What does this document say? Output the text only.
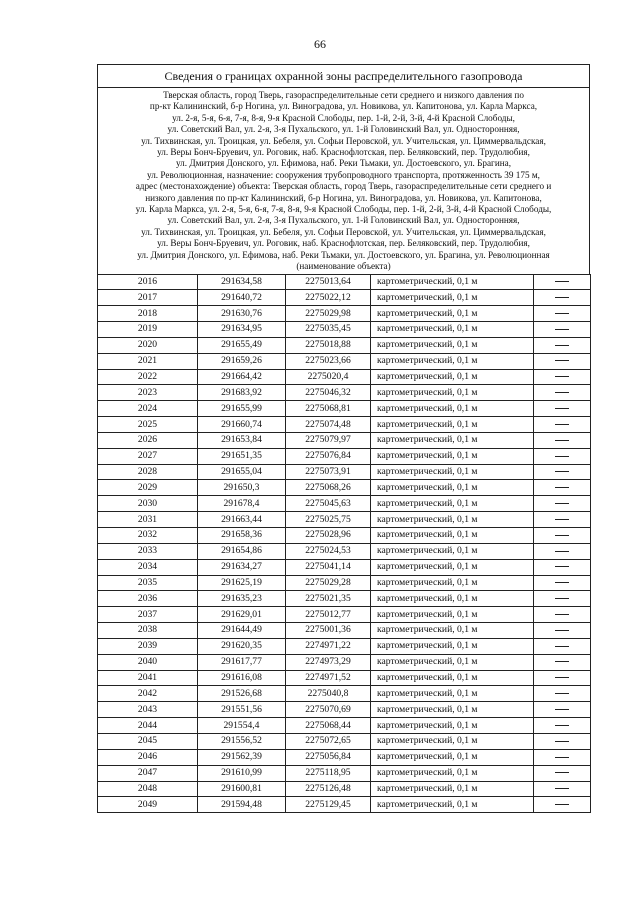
66
Сведения о границах охранной зоны распределительного газопровода
Тверская область, город Тверь, газораспределительные сети среднего и низкого давления по
пр-кт Калининский, б-р Ногина, ул. Виноградова, ул. Новикова, ул. Капитонова, ул. Карла Маркса,
ул. 2-я, 5-я, 6-я, 7-я, 8-я, 9-я Красной Слободы, пер. 1-й, 2-й, 3-й, 4-й Красной Слободы,
ул. Советский Вал, ул. 2-я, 3-я Пухальского, ул. 1-й Головинский Вал, ул. Односторонняя,
ул. Тихвинская, ул. Троицкая, ул. Бебеля, ул. Софьи Перовской, ул. Учительская, ул. Циммервальдская,
ул. Веры Бонч-Бруевич, ул. Роговик, наб. Краснофлотская, пер. Беляковский, пер. Трудолюбия,
ул. Дмитрия Донского, ул. Ефимова, наб. Реки Тьмаки, ул. Достоевского, ул. Брагина,
ул. Революционная, назначение: сооружения трубопроводного транспорта, протяженность 39 175 м,
адрес (местонахождение) объекта: Тверская область, город Тверь, газораспределительные сети среднего и
низкого давления по пр-кт Калининский, б-р Ногина, ул. Виноградова, ул. Новикова, ул. Капитонова,
ул. Карла Маркса, ул. 2-я, 5-я, 6-я, 7-я, 8-я, 9-я Красной Слободы, пер. 1-й, 2-й, 3-й, 4-й Красной Слободы,
ул. Советский Вал, ул. 2-я, 3-я Пухальского, ул. 1-й Головинский Вал, ул. Односторонняя,
ул. Тихвинская, ул. Троицкая, ул. Бебеля, ул. Софьи Перовской, ул. Учительская, ул. Циммервальдская,
ул. Веры Бонч-Бруевич, ул. Роговик, наб. Краснофлотская, пер. Беляковский, пер. Трудолюбия,
ул. Дмитрия Донского, ул. Ефимова, наб. Реки Тьмаки, ул. Достоевского, ул. Брагина, ул. Революционная
(наименование объекта)
2016	291634,58	2275013,64	картометрический, 0,1 м	
2017	291640,72	2275022,12	картометрический, 0,1 м	
2018	291630,76	2275029,98	картометрический, 0,1 м	
2019	291634,95	2275035,45	картометрический, 0,1 м	
2020	291655,49	2275018,88	картометрический, 0,1 м	
2021	291659,26	2275023,66	картометрический, 0,1 м	
2022	291664,42	2275020,4	картометрический, 0,1 м	
2023	291683,92	2275046,32	картометрический, 0,1 м	
2024	291655,99	2275068,81	картометрический, 0,1 м	
2025	291660,74	2275074,48	картометрический, 0,1 м	
2026	291653,84	2275079,97	картометрический, 0,1 м	
2027	291651,35	2275076,84	картометрический, 0,1 м	
2028	291655,04	2275073,91	картометрический, 0,1 м	
2029	291650,3	2275068,26	картометрический, 0,1 м	
2030	291678,4	2275045,63	картометрический, 0,1 м	
2031	291663,44	2275025,75	картометрический, 0,1 м	
2032	291658,36	2275028,96	картометрический, 0,1 м	
2033	291654,86	2275024,53	картометрический, 0,1 м	
2034	291634,27	2275041,14	картометрический, 0,1 м	
2035	291625,19	2275029,28	картометрический, 0,1 м	
2036	291635,23	2275021,35	картометрический, 0,1 м	
2037	291629,01	2275012,77	картометрический, 0,1 м	
2038	291644,49	2275001,36	картометрический, 0,1 м	
2039	291620,35	2274971,22	картометрический, 0,1 м	
2040	291617,77	2274973,29	картометрический, 0,1 м	
2041	291616,08	2274971,52	картометрический, 0,1 м	
2042	291526,68	2275040,8	картометрический, 0,1 м	
2043	291551,56	2275070,69	картометрический, 0,1 м	
2044	291554,4	2275068,44	картометрический, 0,1 м	
2045	291556,52	2275072,65	картометрический, 0,1 м	
2046	291562,39	2275056,84	картометрический, 0,1 м	
2047	291610,99	2275118,95	картометрический, 0,1 м	
2048	291600,81	2275126,48	картометрический, 0,1 м	
2049	291594,48	2275129,45	картометрический, 0,1 м	
